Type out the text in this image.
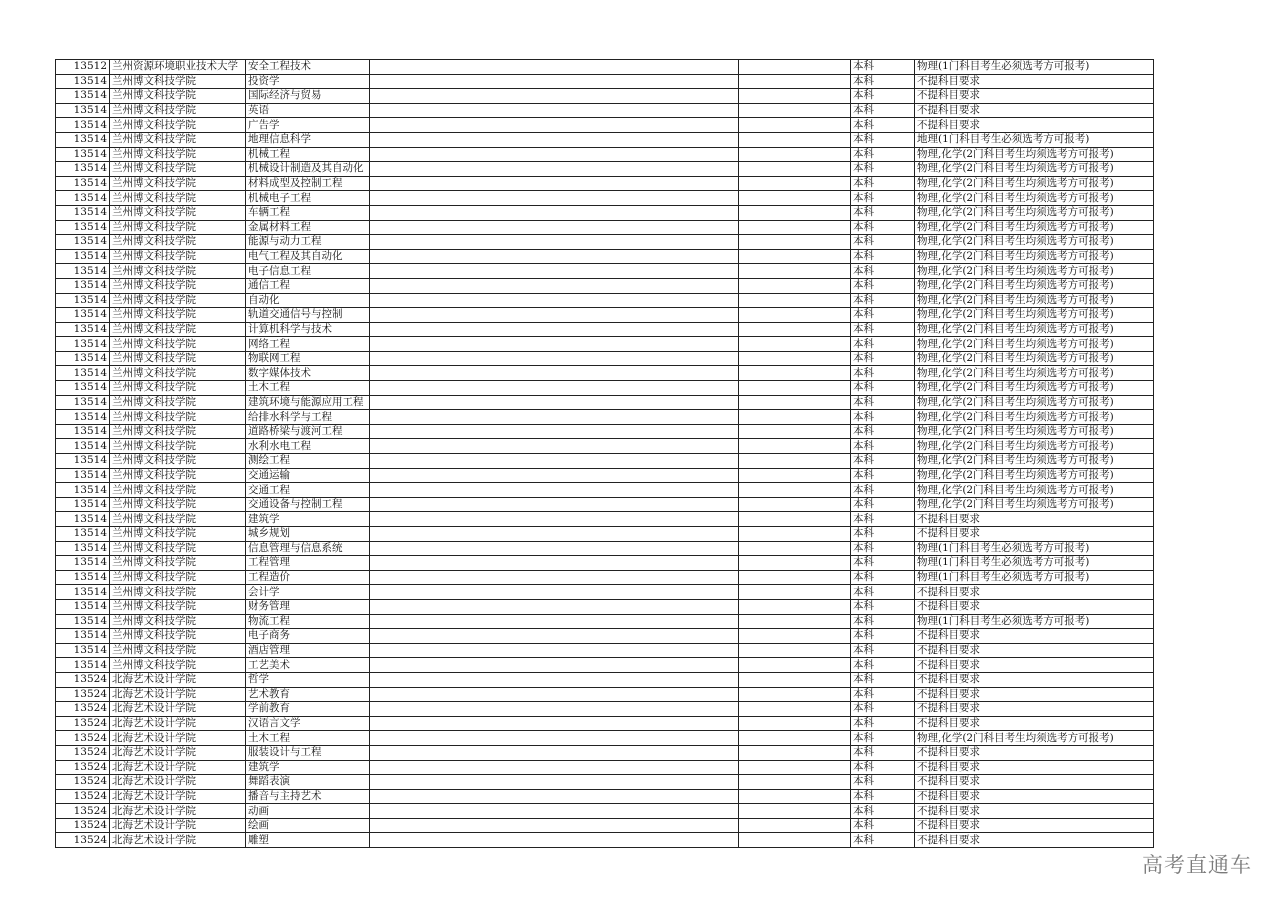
13512	兰州资源环境职业技术大学	安全工程技术			本科	物理(1门科目考生必须选考方可报考)
13514	兰州博文科技学院	投资学			本科	不提科目要求
13514	兰州博文科技学院	国际经济与贸易			本科	不提科目要求
13514	兰州博文科技学院	英语			本科	不提科目要求
13514	兰州博文科技学院	广告学			本科	不提科目要求
13514	兰州博文科技学院	地理信息科学			本科	地理(1门科目考生必须选考方可报考)
13514	兰州博文科技学院	机械工程			本科	物理,化学(2门科目考生均须选考方可报考)
13514	兰州博文科技学院	机械设计制造及其自动化			本科	物理,化学(2门科目考生均须选考方可报考)
13514	兰州博文科技学院	材料成型及控制工程			本科	物理,化学(2门科目考生均须选考方可报考)
13514	兰州博文科技学院	机械电子工程			本科	物理,化学(2门科目考生均须选考方可报考)
13514	兰州博文科技学院	车辆工程			本科	物理,化学(2门科目考生均须选考方可报考)
13514	兰州博文科技学院	金属材料工程			本科	物理,化学(2门科目考生均须选考方可报考)
13514	兰州博文科技学院	能源与动力工程			本科	物理,化学(2门科目考生均须选考方可报考)
13514	兰州博文科技学院	电气工程及其自动化			本科	物理,化学(2门科目考生均须选考方可报考)
13514	兰州博文科技学院	电子信息工程			本科	物理,化学(2门科目考生均须选考方可报考)
13514	兰州博文科技学院	通信工程			本科	物理,化学(2门科目考生均须选考方可报考)
13514	兰州博文科技学院	自动化			本科	物理,化学(2门科目考生均须选考方可报考)
13514	兰州博文科技学院	轨道交通信号与控制			本科	物理,化学(2门科目考生均须选考方可报考)
13514	兰州博文科技学院	计算机科学与技术			本科	物理,化学(2门科目考生均须选考方可报考)
13514	兰州博文科技学院	网络工程			本科	物理,化学(2门科目考生均须选考方可报考)
13514	兰州博文科技学院	物联网工程			本科	物理,化学(2门科目考生均须选考方可报考)
13514	兰州博文科技学院	数字媒体技术			本科	物理,化学(2门科目考生均须选考方可报考)
13514	兰州博文科技学院	土木工程			本科	物理,化学(2门科目考生均须选考方可报考)
13514	兰州博文科技学院	建筑环境与能源应用工程			本科	物理,化学(2门科目考生均须选考方可报考)
13514	兰州博文科技学院	给排水科学与工程			本科	物理,化学(2门科目考生均须选考方可报考)
13514	兰州博文科技学院	道路桥梁与渡河工程			本科	物理,化学(2门科目考生均须选考方可报考)
13514	兰州博文科技学院	水利水电工程			本科	物理,化学(2门科目考生均须选考方可报考)
13514	兰州博文科技学院	测绘工程			本科	物理,化学(2门科目考生均须选考方可报考)
13514	兰州博文科技学院	交通运输			本科	物理,化学(2门科目考生均须选考方可报考)
13514	兰州博文科技学院	交通工程			本科	物理,化学(2门科目考生均须选考方可报考)
13514	兰州博文科技学院	交通设备与控制工程			本科	物理,化学(2门科目考生均须选考方可报考)
13514	兰州博文科技学院	建筑学			本科	不提科目要求
13514	兰州博文科技学院	城乡规划			本科	不提科目要求
13514	兰州博文科技学院	信息管理与信息系统			本科	物理(1门科目考生必须选考方可报考)
13514	兰州博文科技学院	工程管理			本科	物理(1门科目考生必须选考方可报考)
13514	兰州博文科技学院	工程造价			本科	物理(1门科目考生必须选考方可报考)
13514	兰州博文科技学院	会计学			本科	不提科目要求
13514	兰州博文科技学院	财务管理			本科	不提科目要求
13514	兰州博文科技学院	物流工程			本科	物理(1门科目考生必须选考方可报考)
13514	兰州博文科技学院	电子商务			本科	不提科目要求
13514	兰州博文科技学院	酒店管理			本科	不提科目要求
13514	兰州博文科技学院	工艺美术			本科	不提科目要求
13524	北海艺术设计学院	哲学			本科	不提科目要求
13524	北海艺术设计学院	艺术教育			本科	不提科目要求
13524	北海艺术设计学院	学前教育			本科	不提科目要求
13524	北海艺术设计学院	汉语言文学			本科	不提科目要求
13524	北海艺术设计学院	土木工程			本科	物理,化学(2门科目考生均须选考方可报考)
13524	北海艺术设计学院	服装设计与工程			本科	不提科目要求
13524	北海艺术设计学院	建筑学			本科	不提科目要求
13524	北海艺术设计学院	舞蹈表演			本科	不提科目要求
13524	北海艺术设计学院	播音与主持艺术			本科	不提科目要求
13524	北海艺术设计学院	动画			本科	不提科目要求
13524	北海艺术设计学院	绘画			本科	不提科目要求
13524	北海艺术设计学院	雕塑			本科	不提科目要求
高考直通车
